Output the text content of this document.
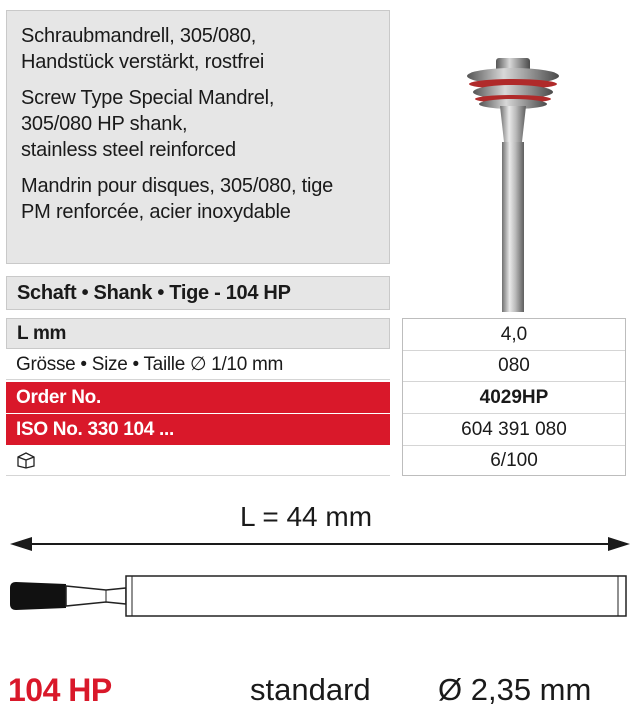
Schraubmandrell, 305/080,
Handstück verstärkt, rostfrei

Screw Type Special Mandrel,
305/080 HP shank,
stainless steel reinforced

Mandrin pour disques, 305/080, tige
PM renforcée, acier inoxydable

Schaft • Shank • Tige - 104 HP
L mm
Grösse • Size • Taille ∅ 1/10 mm
Order No.
ISO No. 330 104 ...
4,0
080
4029HP
604 391 080
6/100
L = 44 mm
104 HP	standard Ø 2,35 mm
